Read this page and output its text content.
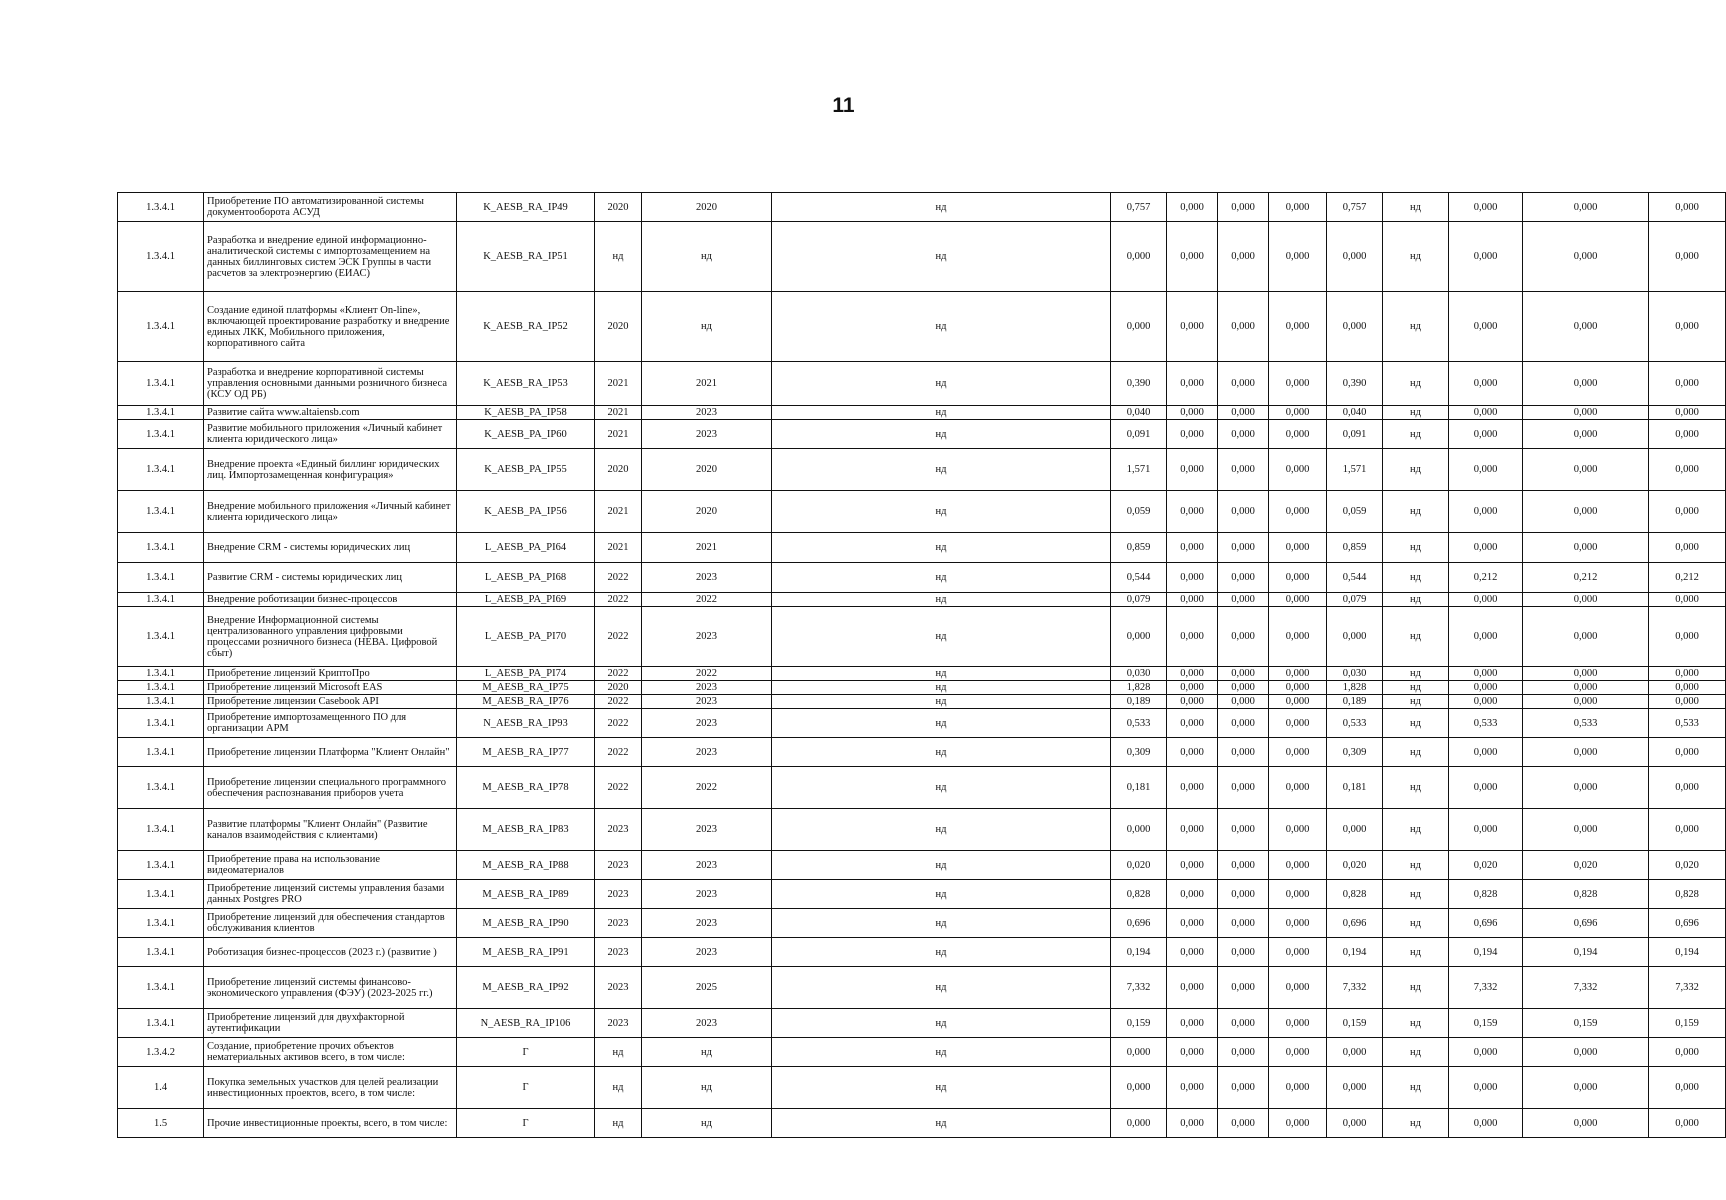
11
1.3.4.1	Приобретение ПО автоматизированной системы документооборота АСУД	K_AESB_RA_IP49	2020	2020	нд	0,757	0,000	0,000	0,000	0,757	нд	0,000	0,000	0,000
1.3.4.1	Разработка и внедрение единой информационно-аналитической системы с импортозамещением на данных биллинговых систем ЭСК Группы в части расчетов за электроэнергию (ЕИАС)	K_AESB_RA_IP51	нд	нд	нд	0,000	0,000	0,000	0,000	0,000	нд	0,000	0,000	0,000
1.3.4.1	Создание единой платформы «Клиент On-line», включающей проектирование разработку и внедрение единых ЛКК, Мобильного приложения, корпоративного сайта	K_AESB_RA_IP52	2020	нд	нд	0,000	0,000	0,000	0,000	0,000	нд	0,000	0,000	0,000
1.3.4.1	Разработка и внедрение корпоративной системы управления основными данными розничного бизнеса (КСУ ОД РБ)	K_AESB_RA_IP53	2021	2021	нд	0,390	0,000	0,000	0,000	0,390	нд	0,000	0,000	0,000
1.3.4.1	Развитие сайта www.altaiensb.com	K_AESB_PA_IP58	2021	2023	нд	0,040	0,000	0,000	0,000	0,040	нд	0,000	0,000	0,000
1.3.4.1	Развитие мобильного приложения «Личный кабинет клиента юридического лица»	K_AESB_PA_IP60	2021	2023	нд	0,091	0,000	0,000	0,000	0,091	нд	0,000	0,000	0,000
1.3.4.1	Внедрение проекта «Единый биллинг юридических лиц. Импортозамещенная конфигурация»	K_AESB_PA_IP55	2020	2020	нд	1,571	0,000	0,000	0,000	1,571	нд	0,000	0,000	0,000
1.3.4.1	Внедрение мобильного приложения «Личный кабинет клиента юридического лица»	K_AESB_PA_IP56	2021	2020	нд	0,059	0,000	0,000	0,000	0,059	нд	0,000	0,000	0,000
1.3.4.1	Внедрение CRM - системы юридических лиц	L_AESB_PA_PI64	2021	2021	нд	0,859	0,000	0,000	0,000	0,859	нд	0,000	0,000	0,000
1.3.4.1	Развитие CRM - системы юридических лиц	L_AESB_PA_PI68	2022	2023	нд	0,544	0,000	0,000	0,000	0,544	нд	0,212	0,212	0,212
1.3.4.1	Внедрение роботизации бизнес-процессов	L_AESB_PA_PI69	2022	2022	нд	0,079	0,000	0,000	0,000	0,079	нд	0,000	0,000	0,000
1.3.4.1	Внедрение Информационной системы централизованного управления цифровыми процессами розничного бизнеса (НЕВА. Цифровой сбыт)	L_AESB_PA_PI70	2022	2023	нд	0,000	0,000	0,000	0,000	0,000	нд	0,000	0,000	0,000
1.3.4.1	Приобретение лицензий КриптоПро	L_AESB_PA_PI74	2022	2022	нд	0,030	0,000	0,000	0,000	0,030	нд	0,000	0,000	0,000
1.3.4.1	Приобретение лицензий Microsoft EAS	M_AESB_RA_IP75	2020	2023	нд	1,828	0,000	0,000	0,000	1,828	нд	0,000	0,000	0,000
1.3.4.1	Приобретение лицензии Casebook API	M_AESB_RA_IP76	2022	2023	нд	0,189	0,000	0,000	0,000	0,189	нд	0,000	0,000	0,000
1.3.4.1	Приобретение импортозамещенного ПО для организации АРМ	N_AESB_RA_IP93	2022	2023	нд	0,533	0,000	0,000	0,000	0,533	нд	0,533	0,533	0,533
1.3.4.1	Приобретение лицензии Платформа "Клиент Онлайн"	M_AESB_RA_IP77	2022	2023	нд	0,309	0,000	0,000	0,000	0,309	нд	0,000	0,000	0,000
1.3.4.1	Приобретение лицензии специального программного обеспечения распознавания приборов учета	M_AESB_RA_IP78	2022	2022	нд	0,181	0,000	0,000	0,000	0,181	нд	0,000	0,000	0,000
1.3.4.1	Развитие платформы "Клиент Онлайн" (Развитие каналов взаимодействия с клиентами)	M_AESB_RA_IP83	2023	2023	нд	0,000	0,000	0,000	0,000	0,000	нд	0,000	0,000	0,000
1.3.4.1	Приобретение права на использование видеоматериалов	M_AESB_RA_IP88	2023	2023	нд	0,020	0,000	0,000	0,000	0,020	нд	0,020	0,020	0,020
1.3.4.1	Приобретение лицензий системы управления базами данных Postgres PRO	M_AESB_RA_IP89	2023	2023	нд	0,828	0,000	0,000	0,000	0,828	нд	0,828	0,828	0,828
1.3.4.1	Приобретение лицензий для обеспечения стандартов обслуживания клиентов	M_AESB_RA_IP90	2023	2023	нд	0,696	0,000	0,000	0,000	0,696	нд	0,696	0,696	0,696
1.3.4.1	Роботизация бизнес-процессов (2023 г.) (развитие )	M_AESB_RA_IP91	2023	2023	нд	0,194	0,000	0,000	0,000	0,194	нд	0,194	0,194	0,194
1.3.4.1	Приобретение лицензий системы финансово-экономического управления (ФЭУ) (2023-2025 гг.)	M_AESB_RA_IP92	2023	2025	нд	7,332	0,000	0,000	0,000	7,332	нд	7,332	7,332	7,332
1.3.4.1	Приобретение лицензий для двухфакторной аутентификации	N_AESB_RA_IP106	2023	2023	нд	0,159	0,000	0,000	0,000	0,159	нд	0,159	0,159	0,159
1.3.4.2	Создание, приобретение прочих объектов нематериальных активов всего, в том числе:	Г	нд	нд	нд	0,000	0,000	0,000	0,000	0,000	нд	0,000	0,000	0,000
1.4	Покупка земельных участков для целей реализации инвестиционных проектов, всего, в том числе:	Г	нд	нд	нд	0,000	0,000	0,000	0,000	0,000	нд	0,000	0,000	0,000
1.5	Прочие инвестиционные проекты, всего, в том числе:	Г	нд	нд	нд	0,000	0,000	0,000	0,000	0,000	нд	0,000	0,000	0,000
